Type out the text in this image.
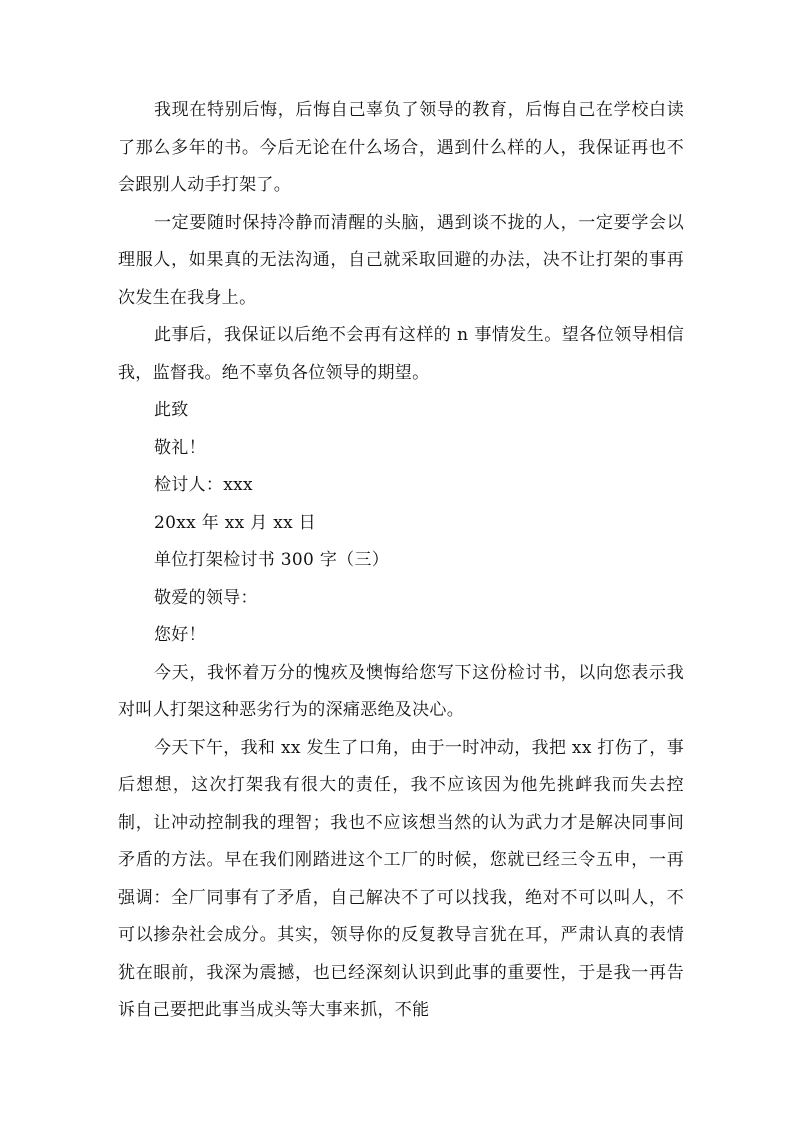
我现在特别后悔，后悔自己辜负了领导的教育，后悔自己在学校白读了那么多年的书。今后无论在什么场合，遇到什么样的人，我保证再也不会跟别人动手打架了。

一定要随时保持冷静而清醒的头脑，遇到谈不拢的人，一定要学会以理服人，如果真的无法沟通，自己就采取回避的办法，决不让打架的事再次发生在我身上。

此事后，我保证以后绝不会再有这样的 n 事情发生。望各位领导相信我，监督我。绝不辜负各位领导的期望。

此致

敬礼！

检讨人：xxx

20xx 年 xx 月 xx 日

单位打架检讨书 300 字（三）

敬爱的领导：

您好！

今天，我怀着万分的愧疚及懊悔给您写下这份检讨书，以向您表示我对叫人打架这种恶劣行为的深痛恶绝及决心。

今天下午，我和 xx 发生了口角，由于一时冲动，我把 xx 打伤了，事后想想，这次打架我有很大的责任，我不应该因为他先挑衅我而失去控制，让冲动控制我的理智；我也不应该想当然的认为武力才是解决同事间矛盾的方法。早在我们刚踏进这个工厂的时候，您就已经三令五申，一再强调：全厂同事有了矛盾，自己解决不了可以找我，绝对不可以叫人，不可以掺杂社会成分。其实，领导你的反复教导言犹在耳，严肃认真的表情犹在眼前，我深为震撼，也已经深刻认识到此事的重要性，于是我一再告诉自己要把此事当成头等大事来抓，不能
